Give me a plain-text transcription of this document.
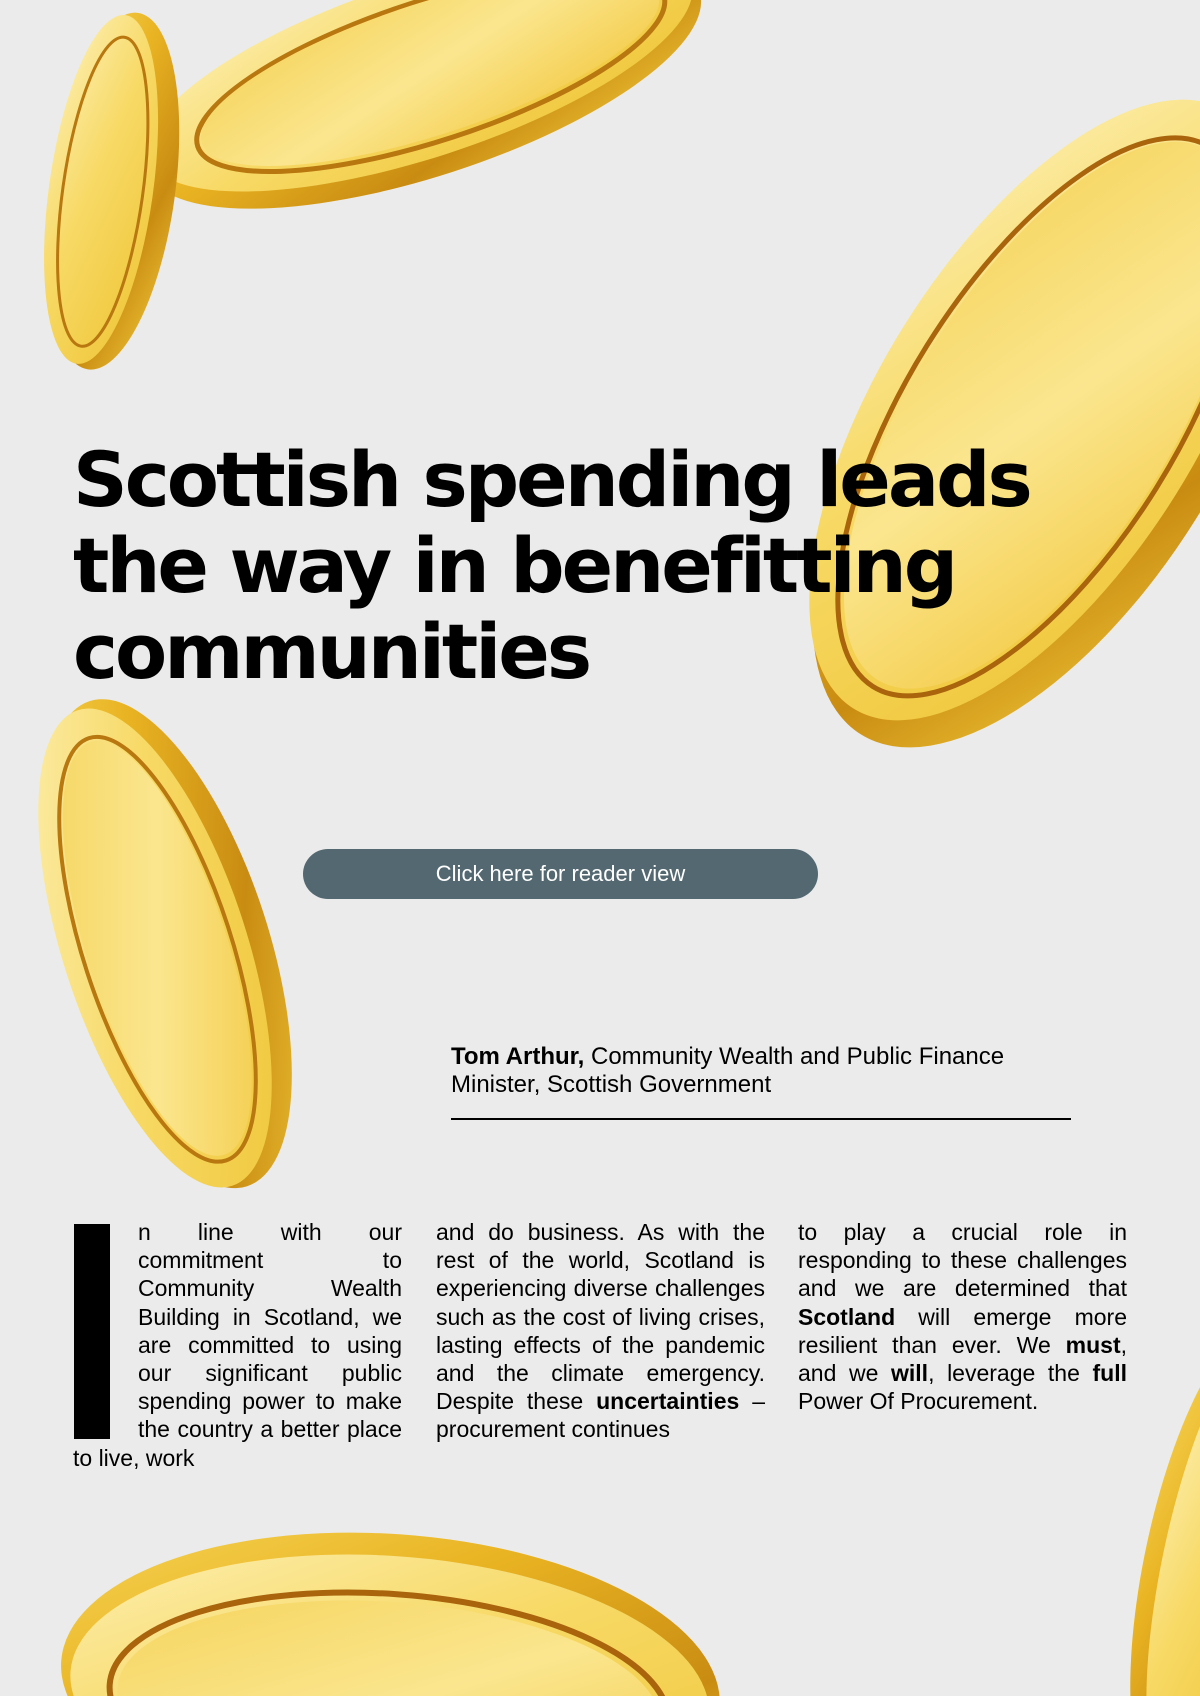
Scottish spending leads
the way in benefitting
communities
Click here for reader view
Tom Arthur, Community Wealth and Public Finance
Minister, Scottish Government
n line with our commitment to Community Wealth Building in Scotland, we are committed to using our significant public spending power to make the country a better place to live, work
and do business. As with the rest of the world, Scotland is experiencing diverse challenges such as the cost of living crises, lasting effects of the pandemic and the climate emergency. Despite these uncertainties – procurement continues
to play a crucial role in responding to these challenges and we are determined that Scotland will emerge more resilient than ever. We must, and we will, leverage the full Power Of Procurement.
